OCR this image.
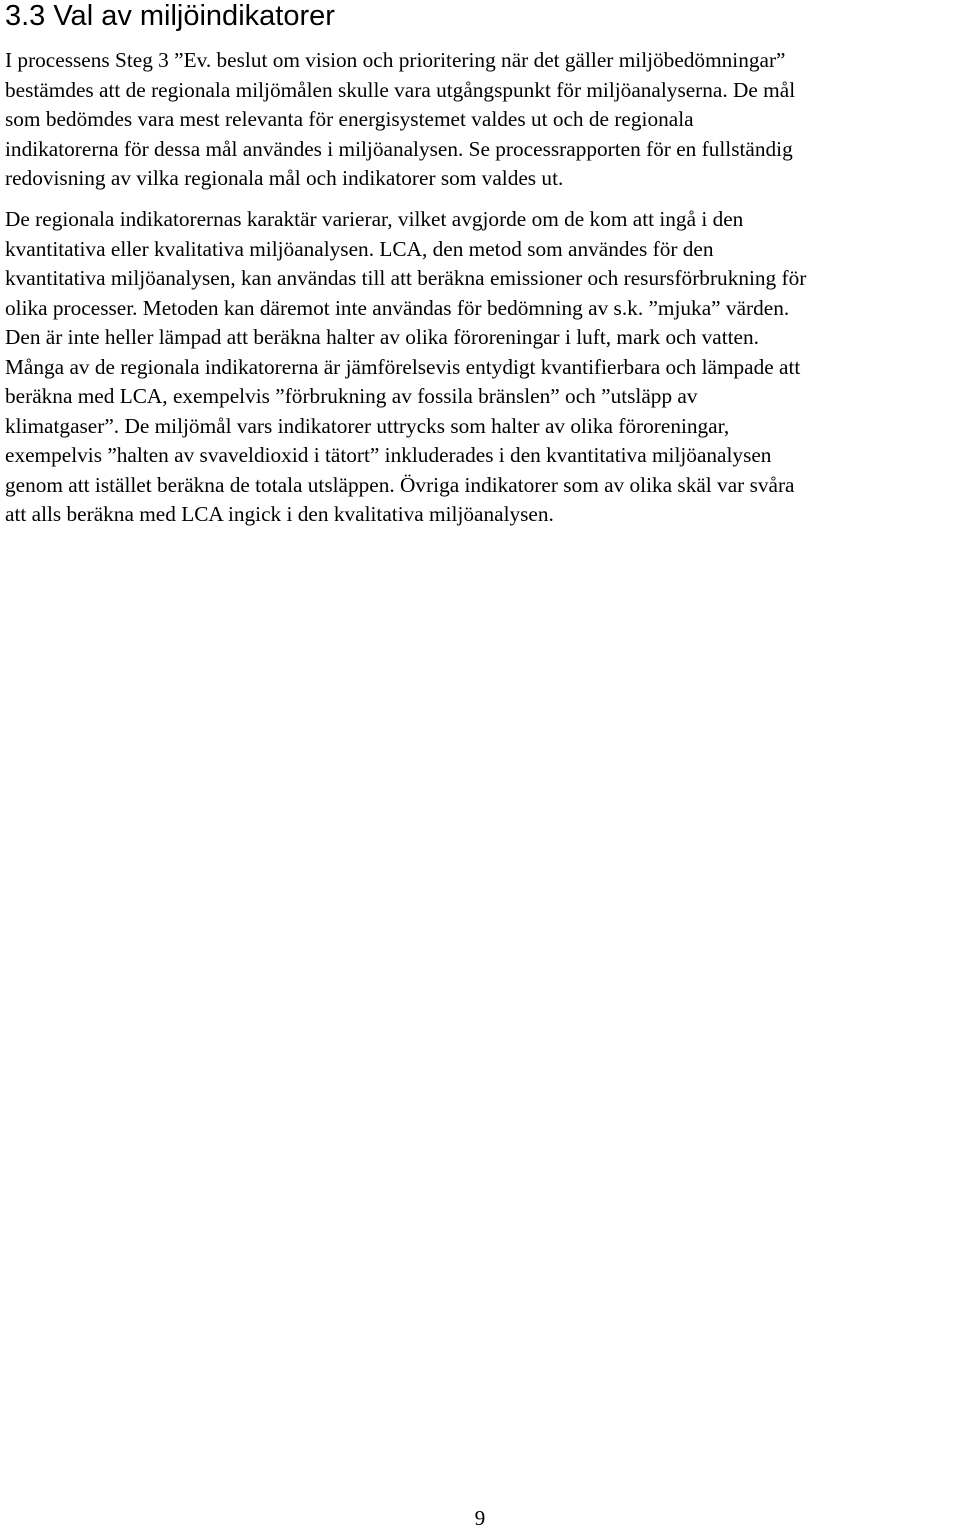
3.3 Val av miljöindikatorer

I processens Steg 3 ”Ev. beslut om vision och prioritering när det gäller miljöbedömningar”
bestämdes att de regionala miljömålen skulle vara utgångspunkt för miljöanalyserna. De mål
som bedömdes vara mest relevanta för energisystemet valdes ut och de regionala
indikatorerna för dessa mål användes i miljöanalysen. Se processrapporten för en fullständig
redovisning av vilka regionala mål och indikatorer som valdes ut.

De regionala indikatorernas karaktär varierar, vilket avgjorde om de kom att ingå i den
kvantitativa eller kvalitativa miljöanalysen. LCA, den metod som användes för den
kvantitativa miljöanalysen, kan användas till att beräkna emissioner och resursförbrukning för
olika processer. Metoden kan däremot inte användas för bedömning av s.k. ”mjuka” värden.
Den är inte heller lämpad att beräkna halter av olika föroreningar i luft, mark och vatten.
Många av de regionala indikatorerna är jämförelsevis entydigt kvantifierbara och lämpade att
beräkna med LCA, exempelvis ”förbrukning av fossila bränslen” och ”utsläpp av
klimatgaser”. De miljömål vars indikatorer uttrycks som halter av olika föroreningar,
exempelvis ”halten av svaveldioxid i tätort” inkluderades i den kvantitativa miljöanalysen
genom att istället beräkna de totala utsläppen. Övriga indikatorer som av olika skäl var svåra
att alls beräkna med LCA ingick i den kvalitativa miljöanalysen.

9
